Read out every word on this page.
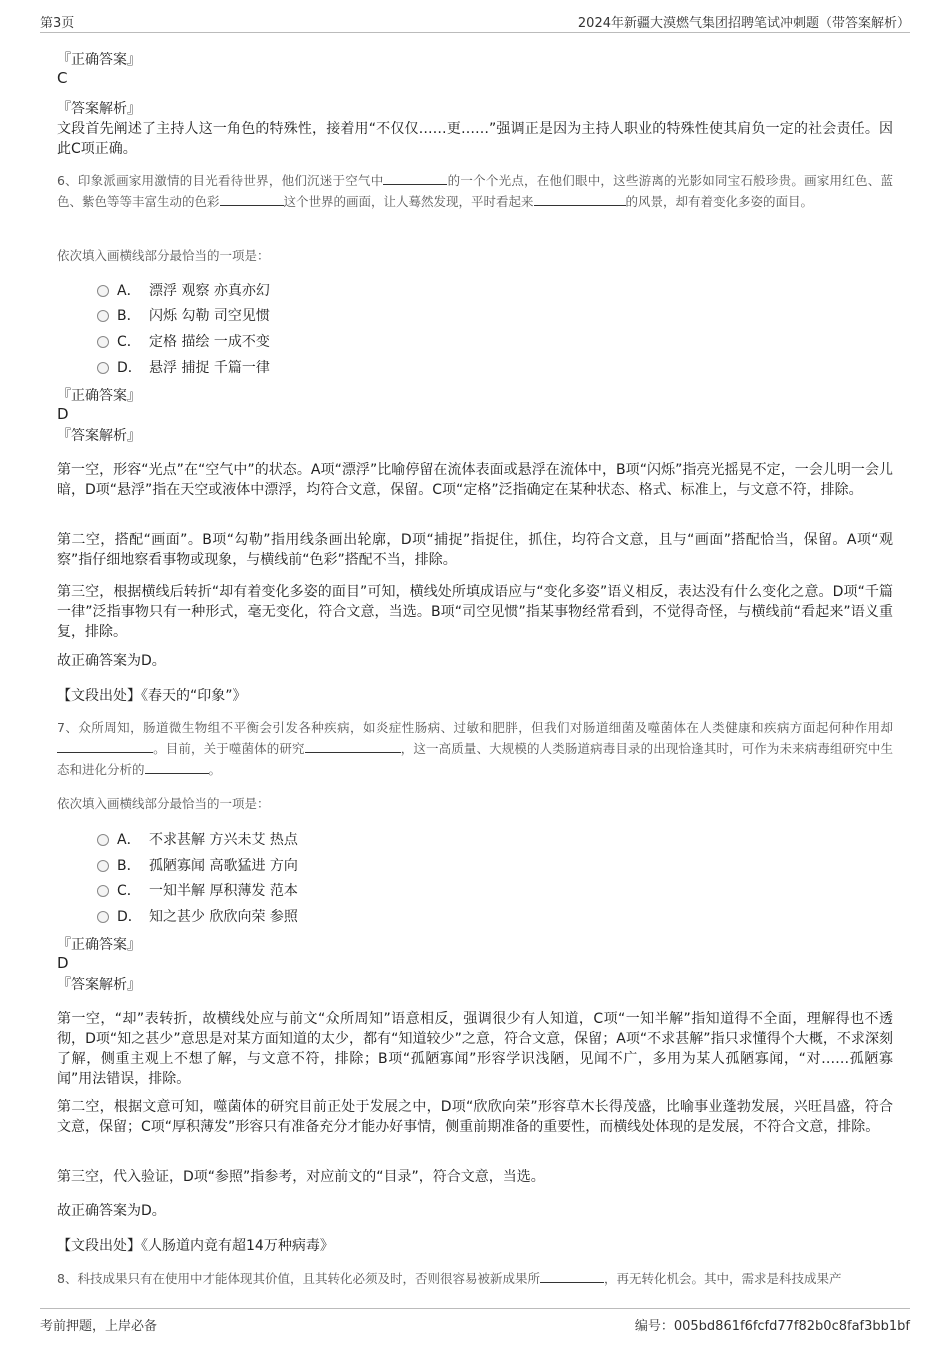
第3页	2024年新疆大漠燃气集团招聘笔试冲刺题（带答案解析）
『正确答案』
C
『答案解析』
文段首先阐述了主持人这一角色的特殊性，接着用“不仅仅……更……”强调正是因为主持人职业的特殊性使其肩负一定的社会责任。因此C项正确。
6、印象派画家用激情的目光看待世界，他们沉迷于空气中	的一个个光点，在他们眼中，这些游离的光影如同宝石般珍贵。画家用红色、蓝色、紫色等等丰富生动的色彩	这个世界的画面，让人蓦然发现，平时看起来	的风景，却有着变化多姿的面目。
依次填入画横线部分最恰当的一项是：
A． 漂浮 观察 亦真亦幻
B． 闪烁 勾勒 司空见惯
C． 定格 描绘 一成不变
D． 悬浮 捕捉 千篇一律
『正确答案』
D
『答案解析』
第一空，形容“光点”在“空气中”的状态。A项“漂浮”比喻停留在流体表面或悬浮在流体中，B项“闪烁”指亮光摇晃不定，一会儿明一会儿暗，D项“悬浮”指在天空或液体中漂浮，均符合文意，保留。C项“定格”泛指确定在某种状态、格式、标准上，与文意不符，排除。
第二空，搭配“画面”。B项“勾勒”指用线条画出轮廓，D项“捕捉”指捉住，抓住，均符合文意，且与“画面”搭配恰当，保留。A项“观察”指仔细地察看事物或现象，与横线前“色彩”搭配不当，排除。
第三空，根据横线后转折“却有着变化多姿的面目”可知，横线处所填成语应与“变化多姿”语义相反，表达没有什么变化之意。D项“千篇一律”泛指事物只有一种形式，毫无变化，符合文意，当选。B项“司空见惯”指某事物经常看到，不觉得奇怪，与横线前“看起来”语义重复，排除。
故正确答案为D。
【文段出处】《春天的“印象”》
7、众所周知，肠道微生物组不平衡会引发各种疾病，如炎症性肠病、过敏和肥胖，但我们对肠道细菌及噬菌体在人类健康和疾病方面起何种作用却。目前，关于噬菌体的研究	，这一高质量、大规模的人类肠道病毒目录的出现恰逢其时，可作为未来病毒组研究中生态和进化分析的	。
依次填入画横线部分最恰当的一项是：
A． 不求甚解 方兴未艾 热点
B． 孤陋寡闻 高歌猛进 方向
C． 一知半解 厚积薄发 范本
D． 知之甚少 欣欣向荣 参照
『正确答案』
D
『答案解析』
第一空，“却”表转折，故横线处应与前文“众所周知”语意相反，强调很少有人知道，C项“一知半解”指知道得不全面，理解得也不透彻，D项“知之甚少”意思是对某方面知道的太少，都有“知道较少”之意，符合文意，保留；A项“不求甚解”指只求懂得个大概，不求深刻了解，侧重主观上不想了解，与文意不符，排除；B项“孤陋寡闻”形容学识浅陋，见闻不广，多用为某人孤陋寡闻，“对……孤陋寡闻”用法错误，排除。
第二空，根据文意可知，噬菌体的研究目前正处于发展之中，D项“欣欣向荣”形容草木长得茂盛，比喻事业蓬勃发展，兴旺昌盛，符合文意，保留；C项“厚积薄发”形容只有准备充分才能办好事情，侧重前期准备的重要性，而横线处体现的是发展，不符合文意，排除。
第三空，代入验证，D项“参照”指参考，对应前文的“目录”，符合文意，当选。
故正确答案为D。
【文段出处】《人肠道内竟有超14万种病毒》
8、科技成果只有在使用中才能体现其价值，且其转化必须及时，否则很容易被新成果所	，再无转化机会。其中，需求是科技成果产
考前押题，上岸必备	编号：005bd861f6fcfd77f82b0c8faf3bb1bf
